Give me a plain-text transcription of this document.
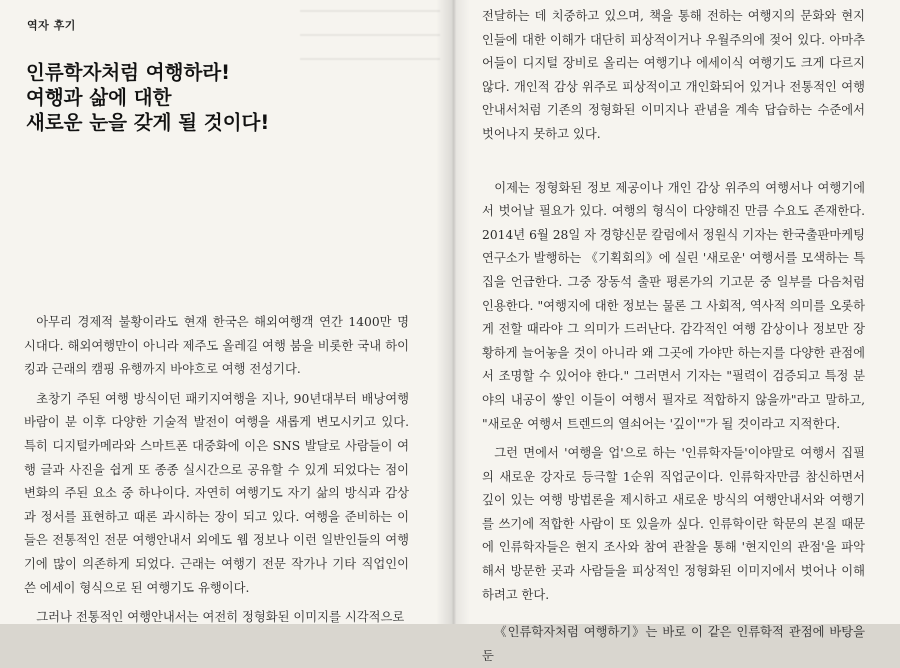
역자 후기
인류학자처럼 여행하라!
여행과 삶에 대한
새로운 눈을 갖게 될 것이다!

아무리 경제적 불황이라도 현재 한국은 해외여행객 연간 1400만 명 시대다. 해외여행만이 아니라 제주도 올레길 여행 붐을 비롯한 국내 하이킹과 근래의 캠핑 유행까지 바야흐로 여행 전성기다.

초창기 주된 여행 방식이던 패키지여행을 지나, 90년대부터 배낭여행 바람이 분 이후 다양한 기술적 발전이 여행을 새롭게 변모시키고 있다. 특히 디지털카메라와 스마트폰 대중화에 이은 SNS 발달로 사람들이 여행 글과 사진을 쉽게 또 종종 실시간으로 공유할 수 있게 되었다는 점이 변화의 주된 요소 중 하나이다. 자연히 여행기도 자기 삶의 방식과 감상과 정서를 표현하고 때론 과시하는 장이 되고 있다. 여행을 준비하는 이들은 전통적인 전문 여행안내서 외에도 웹 정보나 이런 일반인들의 여행기에 많이 의존하게 되었다. 근래는 여행기 전문 작가나 기타 직업인이 쓴 에세이 형식으로 된 여행기도 유행이다.

그러나 전통적인 여행안내서는 여전히 정형화된 이미지를 시각적으로

전달하는 데 치중하고 있으며, 책을 통해 전하는 여행지의 문화와 현지인들에 대한 이해가 대단히 피상적이거나 우월주의에 젖어 있다. 아마추어들이 디지털 장비로 올리는 여행기나 에세이식 여행기도 크게 다르지 않다. 개인적 감상 위주로 피상적이고 개인화되어 있거나 전통적인 여행안내서처럼 기존의 정형화된 이미지나 관념을 계속 답습하는 수준에서 벗어나지 못하고 있다.

이제는 정형화된 정보 제공이나 개인 감상 위주의 여행서나 여행기에서 벗어날 필요가 있다. 여행의 형식이 다양해진 만큼 수요도 존재한다. 2014년 6월 28일 자 경향신문 칼럼에서 정원식 기자는 한국출판마케팅 연구소가 발행하는 《기획회의》에 실린 '새로운' 여행서를 모색하는 특집을 언급한다. 그중 장동석 출판 평론가의 기고문 중 일부를 다음처럼 인용한다. "여행지에 대한 정보는 물론 그 사회적, 역사적 의미를 오롯하게 전할 때라야 그 의미가 드러난다. 감각적인 여행 감상이나 정보만 장황하게 늘어놓을 것이 아니라 왜 그곳에 가야만 하는지를 다양한 관점에서 조명할 수 있어야 한다." 그러면서 기자는 "필력이 검증되고 특정 분야의 내공이 쌓인 이들이 여행서 필자로 적합하지 않을까"라고 말하고, "새로운 여행서 트렌드의 열쇠어는 '깊이'"가 될 것이라고 지적한다.

그런 면에서 '여행을 업'으로 하는 '인류학자들'이야말로 여행서 집필의 새로운 강자로 등극할 1순위 직업군이다. 인류학자만큼 참신하면서 깊이 있는 여행 방법론을 제시하고 새로운 방식의 여행안내서와 여행기를 쓰기에 적합한 사람이 또 있을까 싶다. 인류학이란 학문의 본질 때문에 인류학자들은 현지 조사와 참여 관찰을 통해 '현지인의 관점'을 파악해서 방문한 곳과 사람들을 피상적인 정형화된 이미지에서 벗어나 이해하려고 한다.

《인류학자처럼 여행하기》는 바로 이 같은 인류학적 관점에 바탕을 둔
